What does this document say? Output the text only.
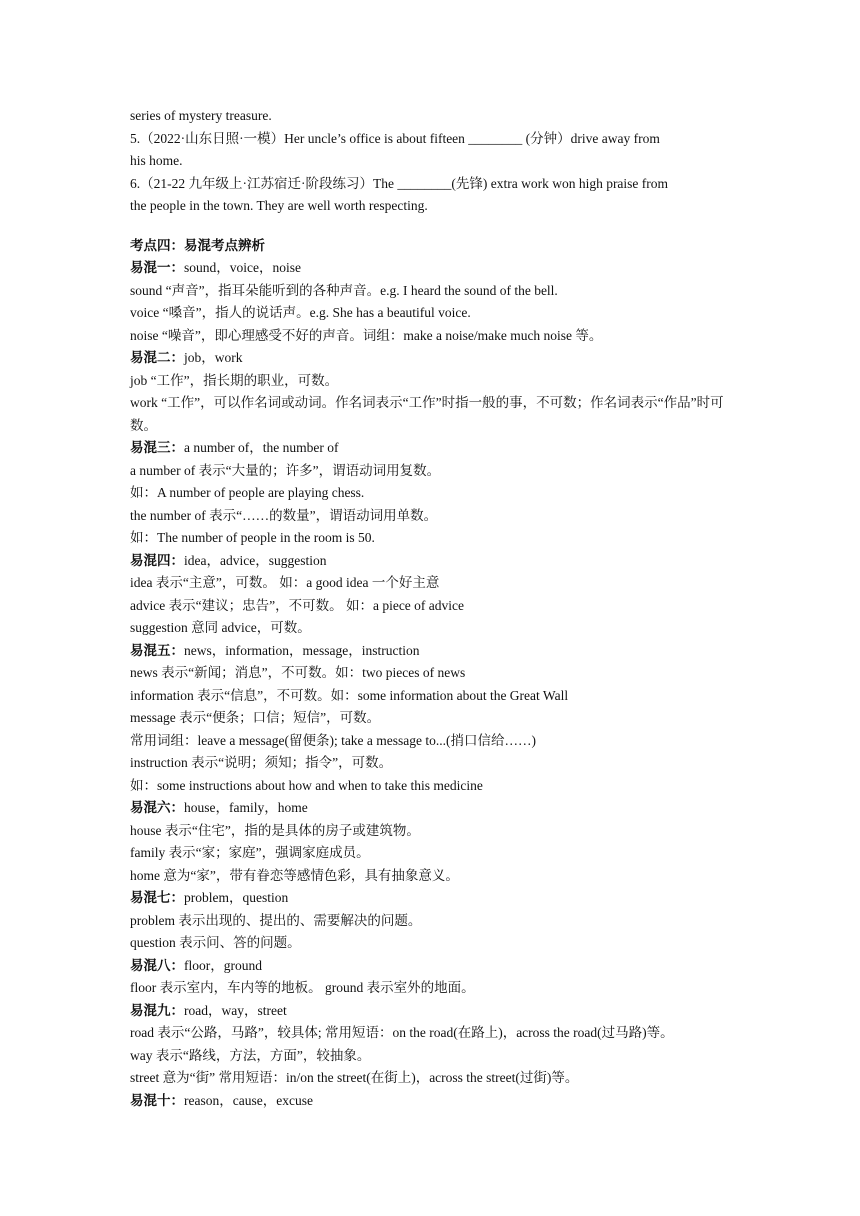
series of mystery treasure.
5.（2022·山东日照·一模）Her uncle’s office is about fifteen ________ (分钟）drive away from
his home.
6.（21-22 九年级上·江苏宿迁·阶段练习）The ________(先锋) extra work won high praise from
the people in the town. They are well worth respecting.
考点四：易混考点辨析
易混一：sound，voice，noise
sound “声音”，指耳朵能听到的各种声音。e.g. I heard the sound of the bell.
voice “嗓音”，指人的说话声。e.g. She has a beautiful voice.
noise “噪音”，即心理感受不好的声音。词组：make a noise/make much noise 等。
易混二：job，work
job “工作”，指长期的职业，可数。
work “工作”，可以作名词或动词。作名词表示“工作”时指一般的事，不可数；作名词表示“作品”时可数。
易混三：a number of，the number of
a number of 表示“大量的；许多”，谓语动词用复数。
如：A number of people are playing chess.
the number of 表示“……的数量”，谓语动词用单数。
如：The number of people in the room is 50.
易混四：idea，advice，suggestion
idea 表示“主意”，可数。 如：a good idea 一个好主意
advice 表示“建议；忠告”，不可数。 如：a piece of advice
suggestion 意同 advice，可数。
易混五：news，information，message，instruction
news 表示“新闻；消息”，不可数。如：two pieces of news
information 表示“信息”，不可数。如：some information about the Great Wall
message 表示“便条；口信；短信”，可数。
常用词组：leave a message(留便条); take a message to...(捎口信给……)
instruction 表示“说明；须知；指令”，可数。
如：some instructions about how and when to take this medicine
易混六：house，family，home
house 表示“住宅”，指的是具体的房子或建筑物。
family 表示“家；家庭”，强调家庭成员。
home 意为“家”，带有眷恋等感情色彩，具有抽象意义。
易混七：problem，question
problem 表示出现的、提出的、需要解决的问题。
question 表示问、答的问题。
易混八：floor，ground
floor 表示室内，车内等的地板。 ground 表示室外的地面。
易混九：road，way，street
road 表示“公路，马路”，较具体; 常用短语：on the road(在路上)，across the road(过马路)等。
way 表示“路线，方法，方面”，较抽象。
street 意为“街” 常用短语：in/on the street(在街上)，across the street(过街)等。
易混十：reason，cause，excuse
